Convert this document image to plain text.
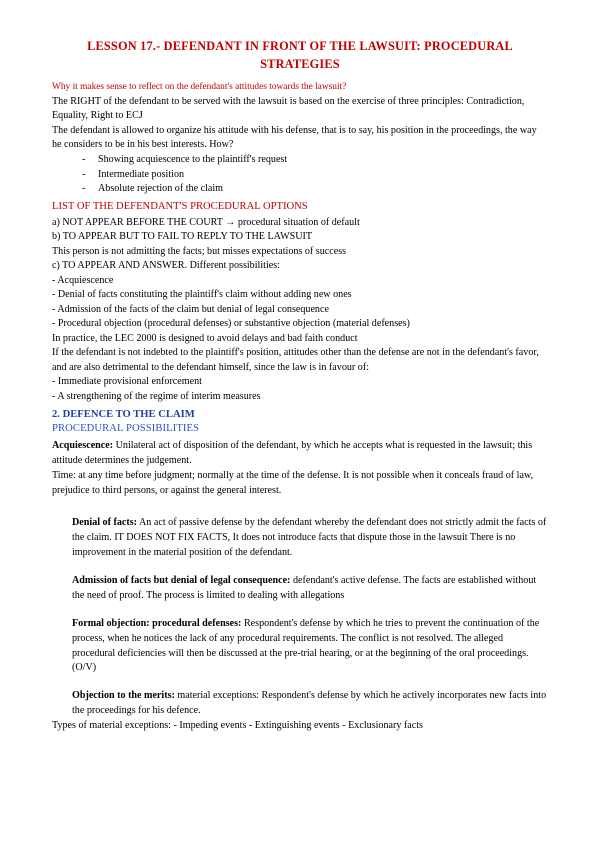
LESSON 17.- DEFENDANT IN FRONT OF THE LAWSUIT: PROCEDURAL STRATEGIES
Why it makes sense to reflect on the defendant's attitudes towards the lawsuit?

The RIGHT of the defendant to be served with the lawsuit is based on the exercise of three principles: Contradiction, Equality, Right to ECJ

The defendant is allowed to organize his attitude with his defense, that is to say, his position in the proceedings, the way he considers to be in his best interests. How?

- Showing acquiescence to the plaintiff's request
- Intermediate position
- Absolute rejection of the claim
LIST OF THE DEFENDANT'S PROCEDURAL OPTIONS

a) NOT APPEAR BEFORE THE COURT → procedural situation of default

b) TO APPEAR BUT TO FAIL TO REPLY TO THE LAWSUIT

This person is not admitting the facts; but misses expectations of success

c) TO APPEAR AND ANSWER. Different possibilities:

- Acquiescence

- Denial of facts constituting the plaintiff's claim without adding new ones

- Admission of the facts of the claim but denial of legal consequence

- Procedural objection (procedural defenses) or substantive objection (material defenses)

In practice, the LEC 2000 is designed to avoid delays and bad faith conduct

If the defendant is not indebted to the plaintiff's position, attitudes other than the defense are not in the defendant's favor, and are also detrimental to the defendant himself, since the law is in favour of:

- Immediate provisional enforcement

- A strengthening of the regime of interim measures

2. DEFENCE TO THE CLAIM
PROCEDURAL POSSIBILITIES

Acquiescence: Unilateral act of disposition of the defendant, by which he accepts what is requested in the lawsuit; this attitude determines the judgement.

Time: at any time before judgment; normally at the time of the defense. It is not possible when it conceals fraud of law, prejudice to third persons, or against the general interest.

Denial of facts: An act of passive defense by the defendant whereby the defendant does not strictly admit the facts of the claim. IT DOES NOT FIX FACTS, It does not introduce facts that dispute those in the lawsuit There is no improvement in the material position of the defendant.

Admission of facts but denial of legal consequence: defendant's active defense. The facts are established without the need of proof. The process is limited to dealing with allegations

Formal objection: procedural defenses: Respondent's defense by which he tries to prevent the continuation of the process, when he notices the lack of any procedural requirements. The conflict is not resolved. The alleged procedural deficiencies will then be discussed at the pre-trial hearing, or at the beginning of the oral proceedings. (O/V)

Objection to the merits: material exceptions: Respondent's defense by which he actively incorporates new facts into the proceedings for his defence.

Types of material exceptions: - Impeding events - Extinguishing events - Exclusionary facts
